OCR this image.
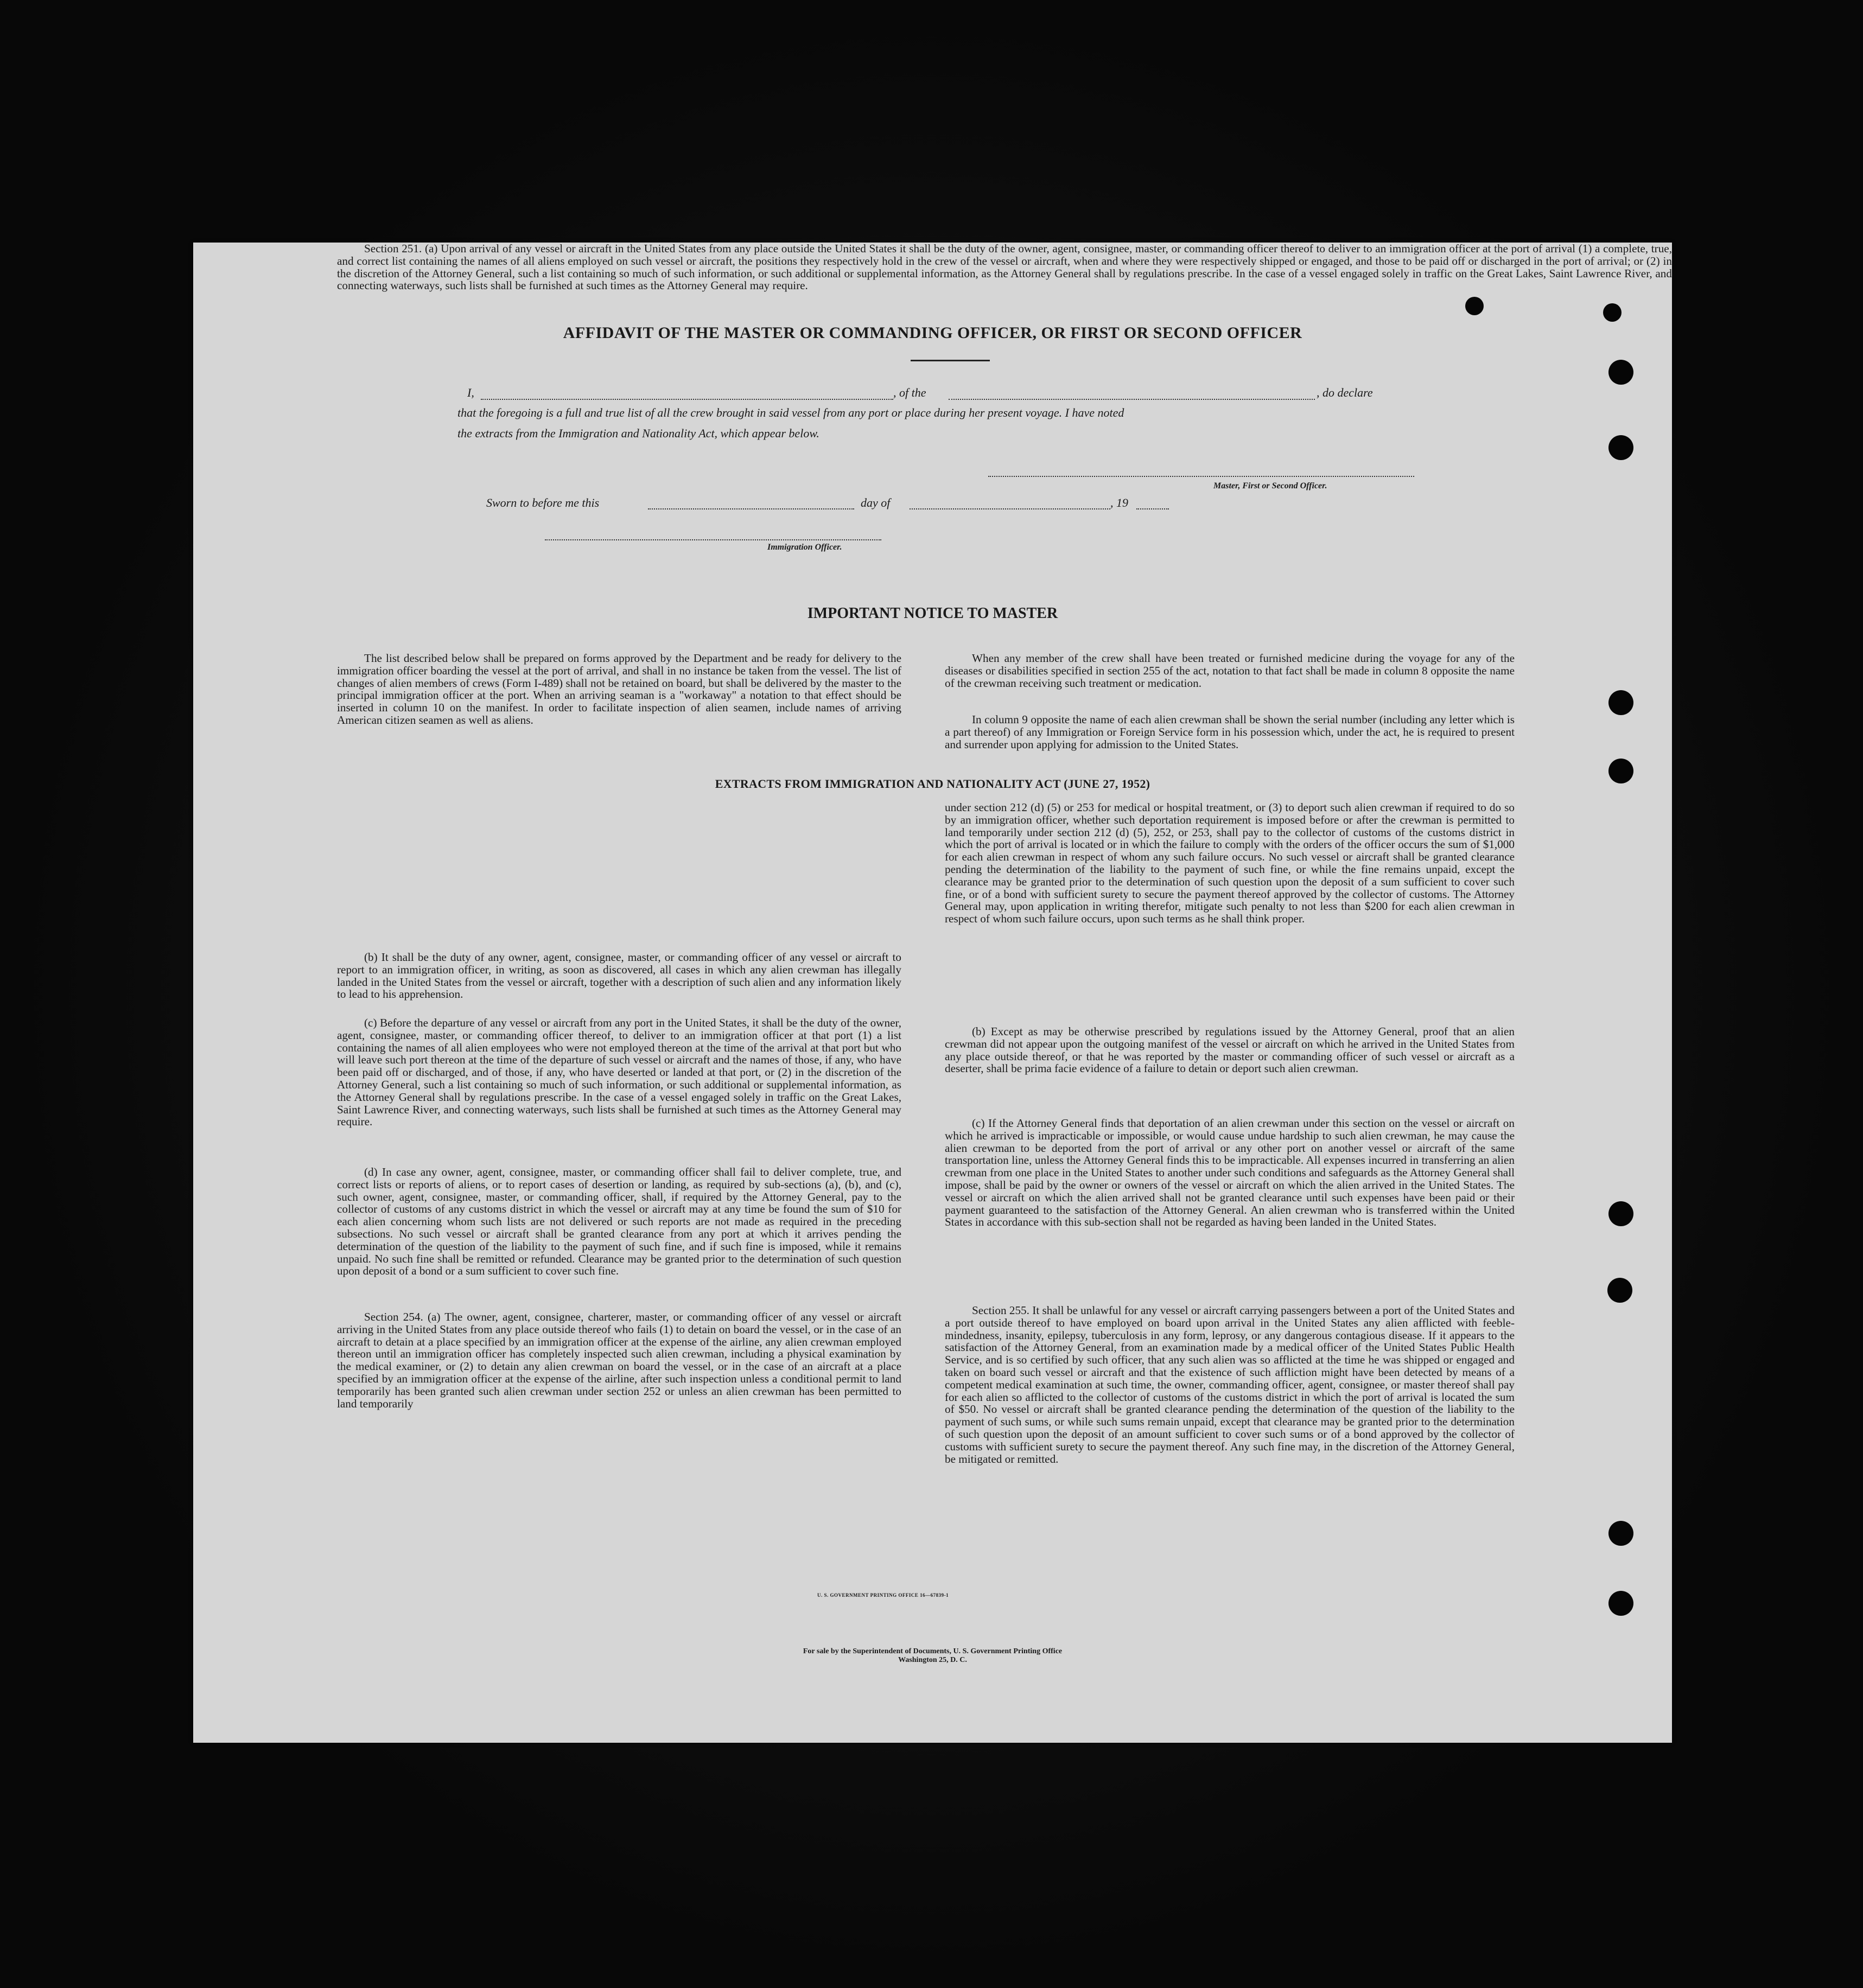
AFFIDAVIT OF THE MASTER OR COMMANDING OFFICER, OR FIRST OR SECOND OFFICER
I,	, of the	, do declare
that the foregoing is a full and true list of all the crew brought in said vessel from any port or place during her present voyage. I have noted
the extracts from the Immigration and Nationality Act, which appear below.
Master, First or Second Officer.
Sworn to before me this	day of	, 19
Immigration Officer.
IMPORTANT NOTICE TO MASTER

The list described below shall be prepared on forms approved by the Department and be ready for delivery to the immigration officer boarding the vessel at the port of arrival, and shall in no instance be taken from the vessel. The list of changes of alien members of crews (Form I-489) shall not be retained on board, but shall be delivered by the master to the principal immigration officer at the port. When an arriving seaman is a "workaway" a notation to that effect should be inserted in column 10 on the manifest. In order to facilitate inspection of alien seamen, include names of arriving American citizen seamen as well as aliens.

When any member of the crew shall have been treated or furnished medicine during the voyage for any of the diseases or disabilities specified in section 255 of the act, notation to that fact shall be made in column 8 opposite the name of the crewman receiving such treatment or medication.

In column 9 opposite the name of each alien crewman shall be shown the serial number (including any letter which is a part thereof) of any Immigration or Foreign Service form in his possession which, under the act, he is required to present and surrender upon applying for admission to the United States.

EXTRACTS FROM IMMIGRATION AND NATIONALITY ACT (JUNE 27, 1952)

Section 251. (a) Upon arrival of any vessel or aircraft in the United States from any place outside the United States it shall be the duty of the owner, agent, consignee, master, or commanding officer thereof to deliver to an immigration officer at the port of arrival (1) a complete, true, and correct list containing the names of all aliens employed on such vessel or aircraft, the positions they respectively hold in the crew of the vessel or aircraft, when and where they were respectively shipped or engaged, and those to be paid off or discharged in the port of arrival; or (2) in the discretion of the Attorney General, such a list containing so much of such information, or such additional or supplemental information, as the Attorney General shall by regulations prescribe. In the case of a vessel engaged solely in traffic on the Great Lakes, Saint Lawrence River, and connecting waterways, such lists shall be furnished at such times as the Attorney General may require.

(b) It shall be the duty of any owner, agent, consignee, master, or commanding officer of any vessel or aircraft to report to an immigration officer, in writing, as soon as discovered, all cases in which any alien crewman has illegally landed in the United States from the vessel or aircraft, together with a description of such alien and any information likely to lead to his apprehension.

(c) Before the departure of any vessel or aircraft from any port in the United States, it shall be the duty of the owner, agent, consignee, master, or commanding officer thereof, to deliver to an immigration officer at that port (1) a list containing the names of all alien employees who were not employed thereon at the time of the arrival at that port but who will leave such port thereon at the time of the departure of such vessel or aircraft and the names of those, if any, who have been paid off or discharged, and of those, if any, who have deserted or landed at that port, or (2) in the discretion of the Attorney General, such a list containing so much of such information, or such additional or supplemental information, as the Attorney General shall by regulations prescribe. In the case of a vessel engaged solely in traffic on the Great Lakes, Saint Lawrence River, and connecting waterways, such lists shall be furnished at such times as the Attorney General may require.

(d) In case any owner, agent, consignee, master, or commanding officer shall fail to deliver complete, true, and correct lists or reports of aliens, or to report cases of desertion or landing, as required by sub-sections (a), (b), and (c), such owner, agent, consignee, master, or commanding officer, shall, if required by the Attorney General, pay to the collector of customs of any customs district in which the vessel or aircraft may at any time be found the sum of $10 for each alien concerning whom such lists are not delivered or such reports are not made as required in the preceding subsections. No such vessel or aircraft shall be granted clearance from any port at which it arrives pending the determination of the question of the liability to the payment of such fine, and if such fine is imposed, while it remains unpaid. No such fine shall be remitted or refunded. Clearance may be granted prior to the determination of such question upon deposit of a bond or a sum sufficient to cover such fine.

Section 254. (a) The owner, agent, consignee, charterer, master, or commanding officer of any vessel or aircraft arriving in the United States from any place outside thereof who fails (1) to detain on board the vessel, or in the case of an aircraft to detain at a place specified by an immigration officer at the expense of the airline, any alien crewman employed thereon until an immigration officer has completely inspected such alien crewman, including a physical examination by the medical examiner, or (2) to detain any alien crewman on board the vessel, or in the case of an aircraft at a place specified by an immigration officer at the expense of the airline, after such inspection unless a conditional permit to land temporarily has been granted such alien crewman under section 252 or unless an alien crewman has been permitted to land temporarily

under section 212 (d) (5) or 253 for medical or hospital treatment, or (3) to deport such alien crewman if required to do so by an immigration officer, whether such deportation requirement is imposed before or after the crewman is permitted to land temporarily under section 212 (d) (5), 252, or 253, shall pay to the collector of customs of the customs district in which the port of arrival is located or in which the failure to comply with the orders of the officer occurs the sum of $1,000 for each alien crewman in respect of whom any such failure occurs. No such vessel or aircraft shall be granted clearance pending the determination of the liability to the payment of such fine, or while the fine remains unpaid, except the clearance may be granted prior to the determination of such question upon the deposit of a sum sufficient to cover such fine, or of a bond with sufficient surety to secure the payment thereof approved by the collector of customs. The Attorney General may, upon application in writing therefor, mitigate such penalty to not less than $200 for each alien crewman in respect of whom such failure occurs, upon such terms as he shall think proper.

(b) Except as may be otherwise prescribed by regulations issued by the Attorney General, proof that an alien crewman did not appear upon the outgoing manifest of the vessel or aircraft on which he arrived in the United States from any place outside thereof, or that he was reported by the master or commanding officer of such vessel or aircraft as a deserter, shall be prima facie evidence of a failure to detain or deport such alien crewman.

(c) If the Attorney General finds that deportation of an alien crewman under this section on the vessel or aircraft on which he arrived is impracticable or impossible, or would cause undue hardship to such alien crewman, he may cause the alien crewman to be deported from the port of arrival or any other port on another vessel or aircraft of the same transportation line, unless the Attorney General finds this to be impracticable. All expenses incurred in transferring an alien crewman from one place in the United States to another under such conditions and safeguards as the Attorney General shall impose, shall be paid by the owner or owners of the vessel or aircraft on which the alien arrived in the United States. The vessel or aircraft on which the alien arrived shall not be granted clearance until such expenses have been paid or their payment guaranteed to the satisfaction of the Attorney General. An alien crewman who is transferred within the United States in accordance with this sub-section shall not be regarded as having been landed in the United States.

Section 255. It shall be unlawful for any vessel or aircraft carrying passengers between a port of the United States and a port outside thereof to have employed on board upon arrival in the United States any alien afflicted with feeble-mindedness, insanity, epilepsy, tuberculosis in any form, leprosy, or any dangerous contagious disease. If it appears to the satisfaction of the Attorney General, from an examination made by a medical officer of the United States Public Health Service, and is so certified by such officer, that any such alien was so afflicted at the time he was shipped or engaged and taken on board such vessel or aircraft and that the existence of such affliction might have been detected by means of a competent medical examination at such time, the owner, commanding officer, agent, consignee, or master thereof shall pay for each alien so afflicted to the collector of customs of the customs district in which the port of arrival is located the sum of $50. No vessel or aircraft shall be granted clearance pending the determination of the question of the liability to the payment of such sums, or while such sums remain unpaid, except that clearance may be granted prior to the determination of such question upon the deposit of an amount sufficient to cover such sums or of a bond approved by the collector of customs with sufficient surety to secure the payment thereof. Any such fine may, in the discretion of the Attorney General, be mitigated or remitted.

U. S. GOVERNMENT PRINTING OFFICE 16—67839-1
For sale by the Superintendent of Documents, U. S. Government Printing Office
Washington 25, D. C.
